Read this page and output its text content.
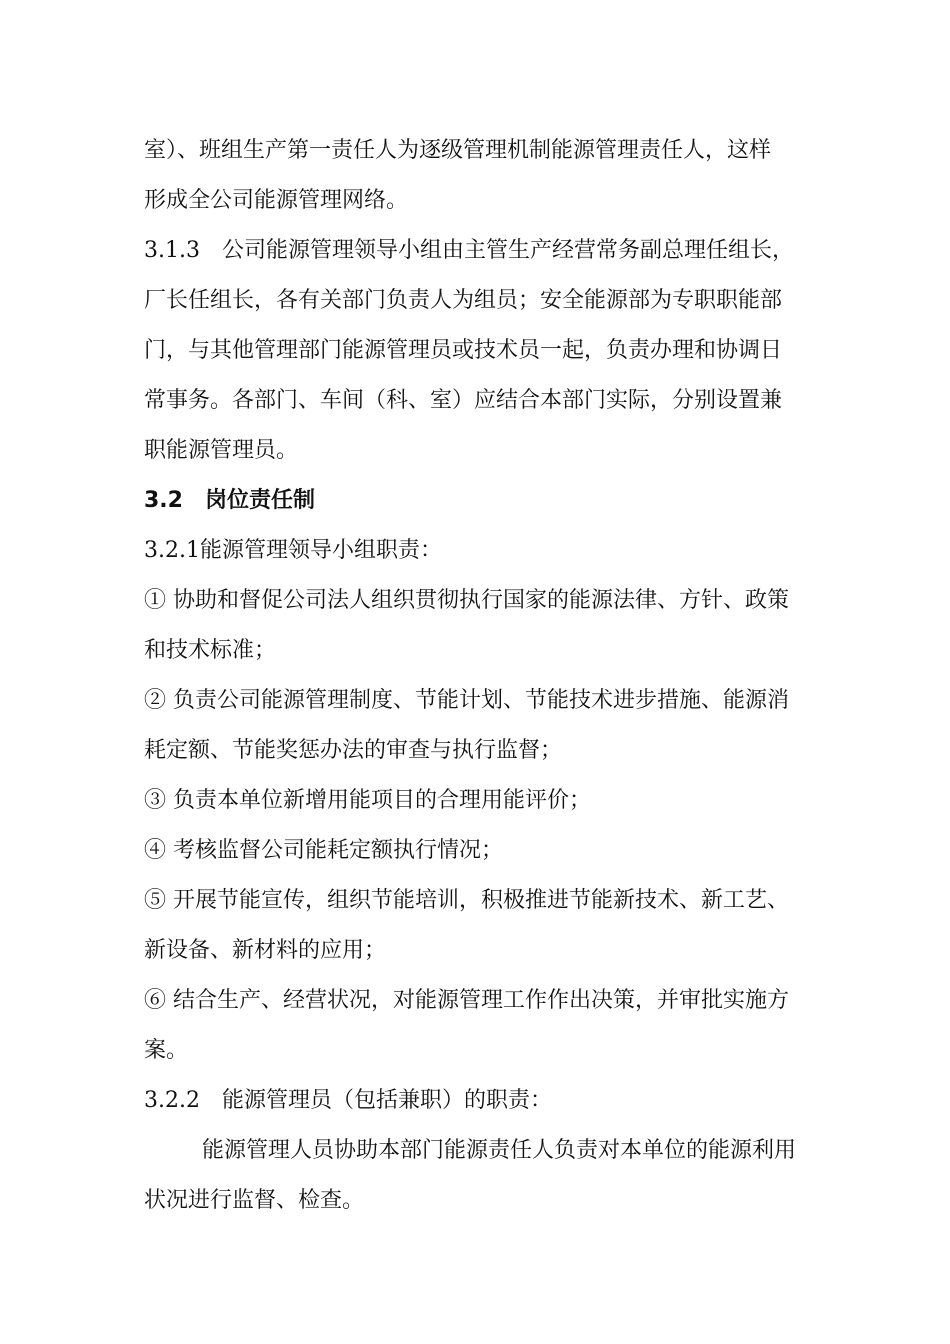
室）、班组生产第一责任人为逐级管理机制能源管理责任人，这样
形成全公司能源管理网络。
3.1.3　公司能源管理领导小组由主管生产经营常务副总理任组长，
厂长任组长，各有关部门负责人为组员；安全能源部为专职职能部
门，与其他管理部门能源管理员或技术员一起，负责办理和协调日
常事务。各部门、车间（科、室）应结合本部门实际，分别设置兼
职能源管理员。
3.2　岗位责任制
3.2.1能源管理领导小组职责：
① 协助和督促公司法人组织贯彻执行国家的能源法律、方针、政策
和技术标准；
② 负责公司能源管理制度、节能计划、节能技术进步措施、能源消
耗定额、节能奖惩办法的审查与执行监督；
③ 负责本单位新增用能项目的合理用能评价；
④ 考核监督公司能耗定额执行情况；
⑤ 开展节能宣传，组织节能培训，积极推进节能新技术、新工艺、
新设备、新材料的应用；
⑥ 结合生产、经营状况，对能源管理工作作出决策，并审批实施方
案。
3.2.2　能源管理员（包括兼职）的职责：
能源管理人员协助本部门能源责任人负责对本单位的能源利用
状况进行监督、检查。
